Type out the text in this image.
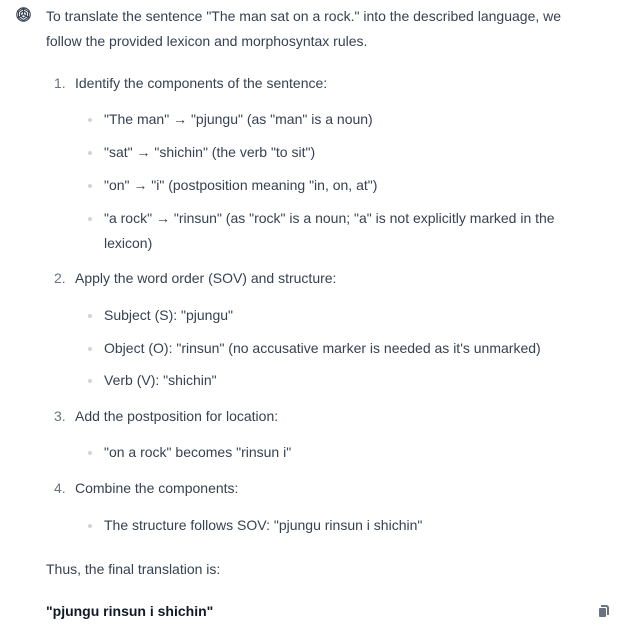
To translate the sentence "The man sat on a rock." into the described language, we follow the provided lexicon and morphosyntax rules.

1. Identify the components of the sentence:
"The man" → "pjungu" (as "man" is a noun)
"sat" → "shichin" (the verb "to sit")
"on" → "i" (postposition meaning "in, on, at")
"a rock" → "rinsun" (as "rock" is a noun; "a" is not explicitly marked in the lexicon)
2. Apply the word order (SOV) and structure:
Subject (S): "pjungu"
Object (O): "rinsun" (no accusative marker is needed as it's unmarked)
Verb (V): "shichin"
3. Add the postposition for location:
"on a rock" becomes "rinsun i"
4. Combine the components:
The structure follows SOV: "pjungu rinsun i shichin"

Thus, the final translation is:

"pjungu rinsun i shichin"
